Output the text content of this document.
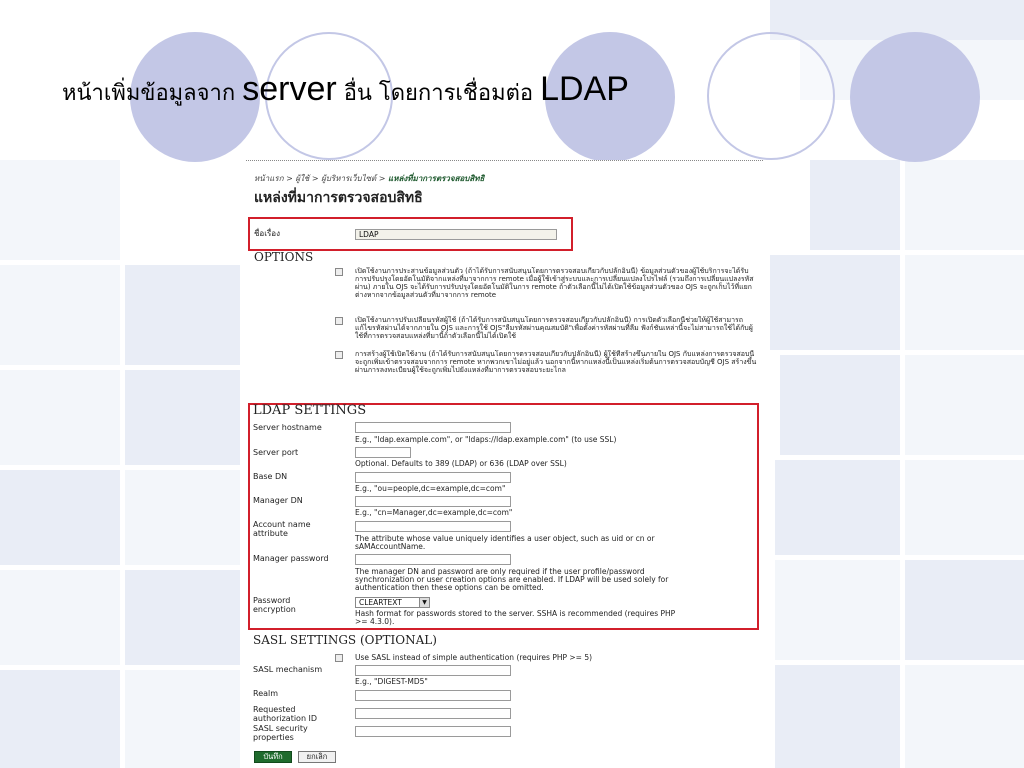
หน้าเพิ่มข้อมูลจาก server อื่น โดยการเชื่อมต่อ LDAP
หน้าแรก > ผู้ใช้ > ผู้บริหารเว็บไซต์ > แหล่งที่มาการตรวจสอบสิทธิ
แหล่งที่มาการตรวจสอบสิทธิ
ชื่อเรื่อง	LDAP
OPTIONS
เปิดใช้งานการประสานข้อมูลส่วนตัว (ถ้าได้รับการสนับสนุนโดยการตรวจสอบเกี่ยวกับปลั๊กอินนี้) ข้อมูลส่วนตัวของผู้ใช้บริการจะได้รับการปรับปรุงโดยอัตโนมัติจากแหล่งที่มาจากการ remote เมื่อผู้ใช้เข้าสู่ระบบและการเปลี่ยนแปลงโปรไฟล์ (รวมถึงการเปลี่ยนแปลงรหัสผ่าน) ภายใน OJS จะได้รับการปรับปรุงโดยอัตโนมัติในการ remote ถ้าตัวเลือกนี้ไม่ได้เปิดใช้ข้อมูลส่วนตัวของ OJS จะถูกเก็บไว้ที่แยกต่างหากจากข้อมูลส่วนตัวที่มาจากการ remote
เปิดใช้งานการปรับเปลี่ยนรหัสผู้ใช้ (ถ้าได้รับการสนับสนุนโดยการตรวจสอบเกี่ยวกับปลั๊กอินนี้) การเปิดตัวเลือกนี้ช่วยให้ผู้ใช้สามารถแก้ไขรหัสผ่านได้จากภายใน OJS และการใช้ OJS"ลืมรหัสผ่านคุณสมบัติ"เพื่อตั้งค่ารหัสผ่านที่ลืม ฟังก์ชันเหล่านี้จะไม่สามารถใช้ได้กับผู้ใช้ที่การตรวจสอบแหล่งที่มานี้ถ้าตัวเลือกนี้ไม่ได้เปิดใช้
การสร้างผู้ใช้เปิดใช้งาน (ถ้าได้รับการสนับสนุนโดยการตรวจสอบเกี่ยวกับปลั๊กอินนี้) ผู้ใช้ที่สร้างขึ้นภายใน OJS กับแหล่งการตรวจสอบนี้จะถูกเพิ่มเข้าตรวจสอบจากการ remote หากพวกเขาไม่อยู่แล้ว นอกจากนี้หากแหล่งนี้เป็นแหล่งเริ่มต้นการตรวจสอบบัญชี OJS สร้างขึ้นผ่านการลงทะเบียนผู้ใช้จะถูกเพิ่มไปยังแหล่งที่มาการตรวจสอบระยะไกล
LDAP SETTINGS
Server hostname
E.g., "ldap.example.com", or "ldaps://ldap.example.com" (to use SSL)
Server port
Optional. Defaults to 389 (LDAP) or 636 (LDAP over SSL)
Base DN
E.g., "ou=people,dc=example,dc=com"
Manager DN
E.g., "cn=Manager,dc=example,dc=com"
Account name
attribute
The attribute whose value uniquely identifies a user object, such as uid or cn or
sAMAccountName.
Manager password
The manager DN and password are only required if the user profile/password
synchronization or user creation options are enabled. If LDAP will be used solely for
authentication then these options can be omitted.
Password
encryption
CLEARTEXT	▼
Hash format for passwords stored to the server. SSHA is recommended (requires PHP
>= 4.3.0).
SASL SETTINGS (OPTIONAL)
Use SASL instead of simple authentication (requires PHP >= 5)
SASL mechanism
E.g., "DIGEST-MD5"
Realm
Requested
authorization ID
SASL security
properties
บันทึก	ยกเลิก
